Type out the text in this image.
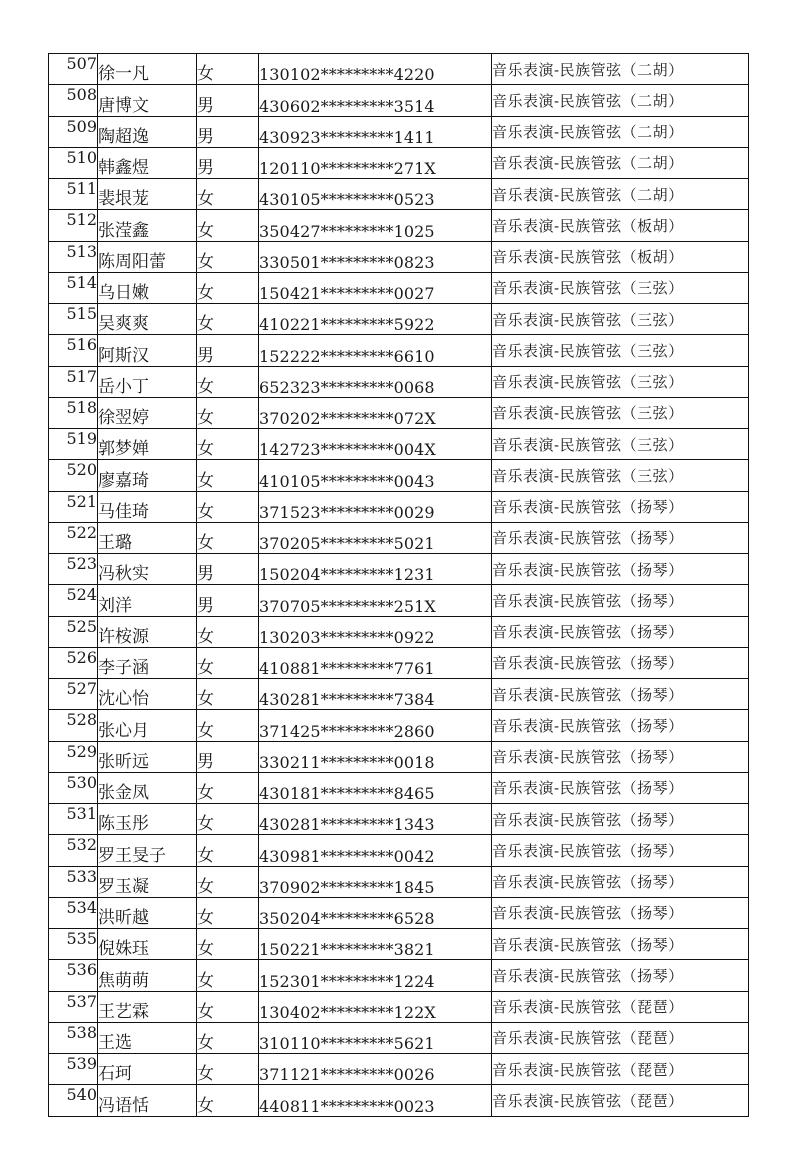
507	徐一凡	女	130102*********4220	音乐表演-民族管弦（二胡）
508	唐博文	男	430602*********3514	音乐表演-民族管弦（二胡）
509	陶超逸	男	430923*********1411	音乐表演-民族管弦（二胡）
510	韩鑫煜	男	120110*********271X	音乐表演-民族管弦（二胡）
511	裴垠茏	女	430105*********0523	音乐表演-民族管弦（二胡）
512	张滢鑫	女	350427*********1025	音乐表演-民族管弦（板胡）
513	陈周阳蕾	女	330501*********0823	音乐表演-民族管弦（板胡）
514	乌日嫩	女	150421*********0027	音乐表演-民族管弦（三弦）
515	吴爽爽	女	410221*********5922	音乐表演-民族管弦（三弦）
516	阿斯汉	男	152222*********6610	音乐表演-民族管弦（三弦）
517	岳小丁	女	652323*********0068	音乐表演-民族管弦（三弦）
518	徐翌婷	女	370202*********072X	音乐表演-民族管弦（三弦）
519	郭梦婵	女	142723*********004X	音乐表演-民族管弦（三弦）
520	廖嘉琦	女	410105*********0043	音乐表演-民族管弦（三弦）
521	马佳琦	女	371523*********0029	音乐表演-民族管弦（扬琴）
522	王璐	女	370205*********5021	音乐表演-民族管弦（扬琴）
523	冯秋实	男	150204*********1231	音乐表演-民族管弦（扬琴）
524	刘洋	男	370705*********251X	音乐表演-民族管弦（扬琴）
525	许桉源	女	130203*********0922	音乐表演-民族管弦（扬琴）
526	李子涵	女	410881*********7761	音乐表演-民族管弦（扬琴）
527	沈心怡	女	430281*********7384	音乐表演-民族管弦（扬琴）
528	张心月	女	371425*********2860	音乐表演-民族管弦（扬琴）
529	张昕远	男	330211*********0018	音乐表演-民族管弦（扬琴）
530	张金凤	女	430181*********8465	音乐表演-民族管弦（扬琴）
531	陈玉彤	女	430281*********1343	音乐表演-民族管弦（扬琴）
532	罗王旻子	女	430981*********0042	音乐表演-民族管弦（扬琴）
533	罗玉凝	女	370902*********1845	音乐表演-民族管弦（扬琴）
534	洪昕越	女	350204*********6528	音乐表演-民族管弦（扬琴）
535	倪姝珏	女	150221*********3821	音乐表演-民族管弦（扬琴）
536	焦萌萌	女	152301*********1224	音乐表演-民族管弦（扬琴）
537	王艺霖	女	130402*********122X	音乐表演-民族管弦（琵琶）
538	王选	女	310110*********5621	音乐表演-民族管弦（琵琶）
539	石珂	女	371121*********0026	音乐表演-民族管弦（琵琶）
540	冯语恬	女	440811*********0023	音乐表演-民族管弦（琵琶）
